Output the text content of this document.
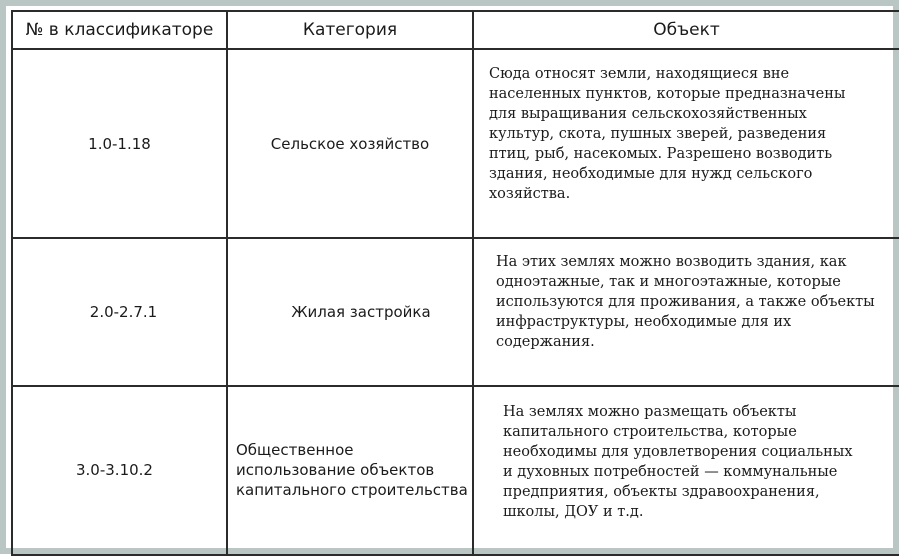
№ в классификаторе	Категория	Объект
1.0-1.18	Сельское хозяйство	Сюда относят земли, находящиеся вне населенных пунктов, которые предназначены для выращивания сельскохозяйственных культур, скота, пушных зверей, разведения птиц, рыб, насекомых. Разрешено возводить здания, необходимые для нужд сельского хозяйства.

2.0-2.7.1	Жилая застройка	На этих землях можно возводить здания, как одноэтажные, так и многоэтажные, которые используются для проживания, а также объекты инфраструктуры, необходимые для их содержания.

3.0-3.10.2	Общественное использование объектов капитального строительства	На землях можно размещать объекты капитального строительства, которые необходимы для удовлетворения социальных и духовных потребностей — коммунальные предприятия, объекты здравоохранения, школы, ДОУ и т.д.
